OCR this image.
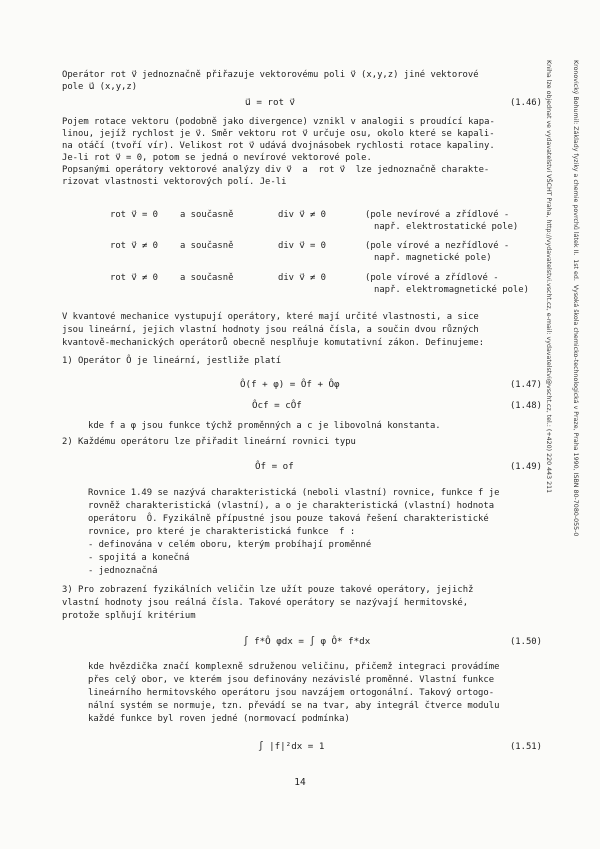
Kronovický Bohumil: Základy fyziky a chemie povrchů látek II.  1st ed.  Vysoká škola chemicko-technologická v Praze, Praha 1990, ISBN 80-7080-055-0

Kniha lze objednat ve vydavatelství VŠCHT Praha, http://vydavatelstvi.vscht.cz, e-mail: vydavatelstvi@vscht.cz, tel.: (+420) 220 443 211

Operátor rot v⃗ jednoznačně přiřazuje vektorovému poli v⃗ (x,y,z) jiné vektorové
pole u⃗ (x,y,z)
u⃗ = rot v⃗	(1.46)
Pojem rotace vektoru (podobně jako divergence) vznikl v analogii s proudící kapa-
linou, jejíž rychlost je v⃗. Směr vektoru rot v⃗ určuje osu, okolo které se kapali-
na otáčí (tvoří vír). Velikost rot v⃗ udává dvojnásobek rychlosti rotace kapaliny.
Je-li rot v⃗ = 0, potom se jedná o nevírové vektorové pole.
Popsanými operátory vektorové analýzy div v⃗  a  rot v⃗  lze jednoznačně charakte-
rizovat vlastnosti vektorových polí. Je-li
rot v⃗ = 0 a současně	div v⃗ ≠ 0	(pole nevírové a zřídlové -
např. elektrostatické pole)
rot v⃗ ≠ 0 a současně	div v⃗ = 0	(pole vírové a nezřídlové -
např. magnetické pole)
rot v⃗ ≠ 0 a současně	div v⃗ ≠ 0	(pole vírové a zřídlové -
např. elektromagnetické pole)
V kvantové mechanice vystupují operátory, které mají určité vlastnosti, a sice
jsou lineární, jejich vlastní hodnoty jsou reálná čísla, a součin dvou různých
kvantově-mechanických operátorů obecně nesplňuje komutativní zákon. Definujeme:
1) Operátor Ô je lineární, jestliže platí
Ô(f + φ) = Ôf + Ôφ	(1.47)
Ôcf = cÔf	(1.48)
kde f a φ jsou funkce týchž proměnných a c je libovolná konstanta.
2) Každému operátoru lze přiřadit lineární rovnici typu
Ôf = of	(1.49)
Rovnice 1.49 se nazývá charakteristická (neboli vlastní) rovnice, funkce f je
rovněž charakteristická (vlastní), a o je charakteristická (vlastní) hodnota
operátoru  Ô. Fyzikálně přípustné jsou pouze taková řešení charakteristické
rovnice, pro které je charakteristická funkce  f :
- definována v celém oboru, kterým probíhají proměnné
- spojitá a konečná
- jednoznačná
3) Pro zobrazení fyzikálních veličin lze užít pouze takové operátory, jejichž
vlastní hodnoty jsou reálná čísla. Takové operátory se nazývají hermitovské,
protože splňují kritérium
∫ f*Ô φdx = ∫ φ Ô* f*dx	(1.50)
kde hvězdička značí komplexně sdruženou veličinu, přičemž integraci provádíme
přes celý obor, ve kterém jsou definovány nezávislé proměnné. Vlastní funkce
lineárního hermitovského operátoru jsou navzájem ortogonální. Takový ortogo-
nální systém se normuje, tzn. převádí se na tvar, aby integrál čtverce modulu
každé funkce byl roven jedné (normovací podmínka)
∫ |f|²dx = 1	(1.51)
14
